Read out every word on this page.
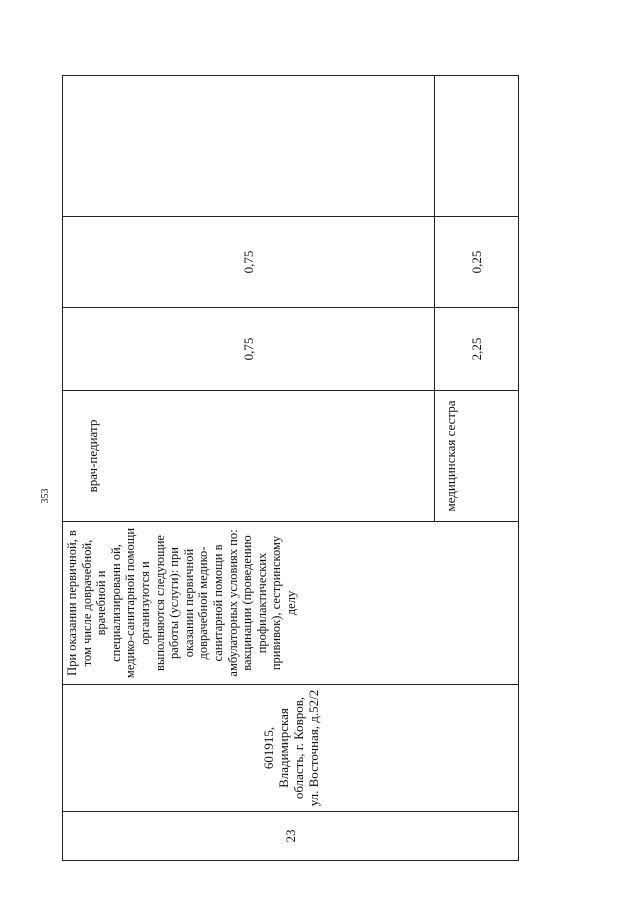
353
23	601915, Владимирская область, г. Ковров, ул. Восточная, д.52/2	При оказании первичной, в том числе доврачебной, врачебной и специализированн ой, медико-санитарной помощи организуются и выполняются следующие работы (услуги): при оказании первичной доврачебной медико-санитарной помощи в амбулаторных условиях по: вакцинации (проведению профилактических прививок), сестринскому делу	врач-педиатр	0,75	0,75	
			медицинская сестра	2,25	0,25	
